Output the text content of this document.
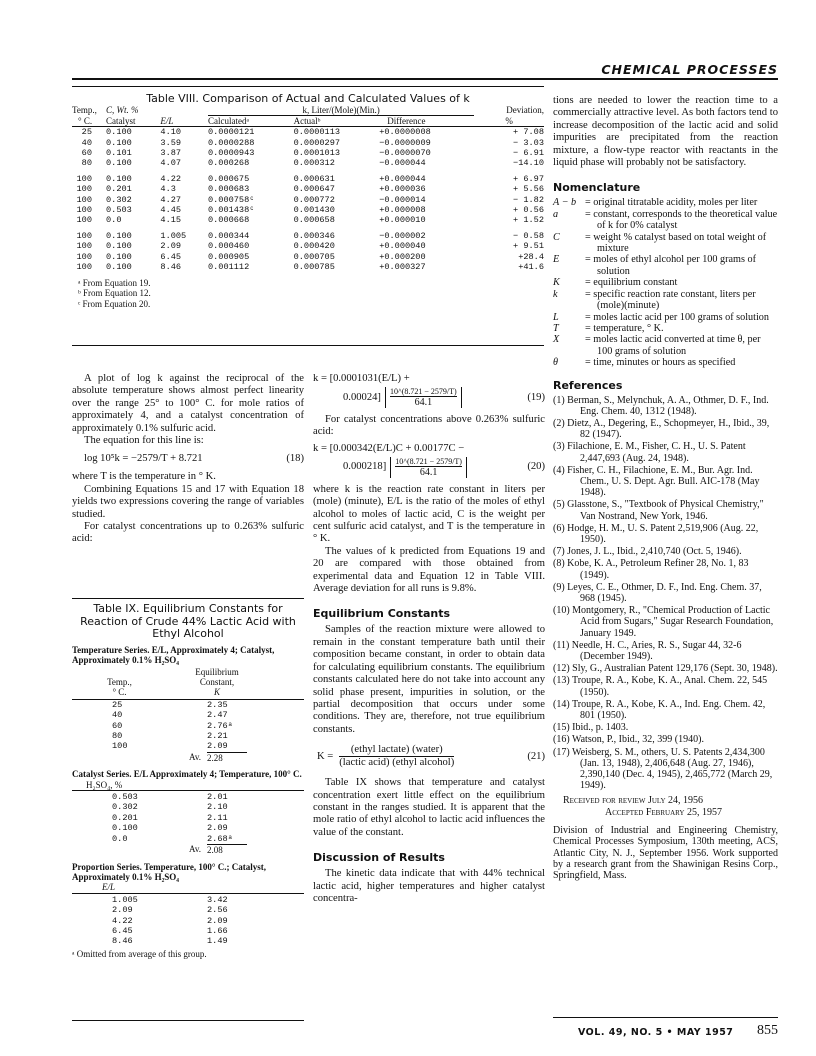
CHEMICAL PROCESSES
Table VIII. Comparison of Actual and Calculated Values of k
Temp.,	C, Wt. %		k, Liter/(Mole)(Min.)			Deviation,
° C.	Catalyst	E/L	Calculatedᵃ	Actualᵇ	Difference	%
25	0.100	4.10	0.0000121	0.0000113	+0.0000008	+ 7.08
40	0.100	3.59	0.0000288	0.0000297	−0.0000009	− 3.03
60	0.101	3.87	0.0000943	0.0001013	−0.0000070	− 6.91
80	0.100	4.07	0.000268	0.000312	−0.000044	−14.10
100	0.100	4.22	0.000675	0.000631	+0.000044	+ 6.97
100	0.201	4.3	0.000683	0.000647	+0.000036	+ 5.56
100	0.302	4.27	0.000758ᶜ	0.000772	−0.000014	− 1.82
100	0.503	4.45	0.001438ᶜ	0.001430	+0.000008	+ 0.56
100	0.0	4.15	0.000668	0.000658	+0.000010	+ 1.52
100	0.100	1.005	0.000344	0.000346	−0.000002	− 0.58
100	0.100	2.09	0.000460	0.000420	+0.000040	+ 9.51
100	0.100	6.45	0.000905	0.000705	+0.000200	+28.4
100	0.100	8.46	0.001112	0.000785	+0.000327	+41.6
ᵃ From Equation 19.
ᵇ From Equation 12.
ᶜ From Equation 20.

A plot of log k against the reciprocal of the absolute temperature shows almost perfect linearity over the range 25° to 100° C. for mole ratios of approximately 4, and a catalyst concentration of approximately 0.1% sulfuric acid.

The equation for this line is:

log 10⁵k = −2579/T + 8.721	(18)

where T is the temperature in ° K.

Combining Equations 15 and 17 with Equation 18 yields two expressions covering the range of variables studied.

For catalyst concentrations up to 0.263% sulfuric acid:

Table IX. Equilibrium Constants for Reaction of Crude 44% Lactic Acid with Ethyl Alcohol
Temperature Series. E/L, Approximately 4; Catalyst, Approximately 0.1% H₂SO₄
Temp.,
° C.
Equilibrium
Constant,
K
25	2.35
40	2.47
60	2.76ᵃ
80	2.21
100	2.09
Av. 2.28
Catalyst Series. E/L Approximately 4; Temperature, 100° C.
H₂SO₄, %
0.503	2.01
0.302	2.10
0.201	2.11
0.100	2.09
0.0	2.68ᵃ
Av. 2.08
Proportion Series. Temperature, 100° C.; Catalyst, Approximately 0.1% H₂SO₄
E/L
1.005	3.42
2.09	2.56
4.22	2.09
6.45	1.66
8.46	1.49
ᵃ Omitted from average of this group.
k = [0.0001031(E/L) +
0.00024] 10^(8.721 − 2579/T)
64.1	(19)

For catalyst concentrations above 0.263% sulfuric acid:

k = [0.000342(E/L)C + 0.00177C −
0.000218] 10^(8.721 − 2579/T)
64.1	(20)

where k is the reaction rate constant in liters per (mole) (minute), E/L is the ratio of the moles of ethyl alcohol to moles of lactic acid, C is the weight per cent sulfuric acid catalyst, and T is the temperature in ° K.

The values of k predicted from Equations 19 and 20 are compared with those obtained from experimental data and Equation 12 in Table VIII. Average deviation for all runs is 9.8%.

Equilibrium Constants

Samples of the reaction mixture were allowed to remain in the constant temperature bath until their composition became constant, in order to obtain data for calculating equilibrium constants. The equilibrium constants calculated here do not take into account any solid phase present, impurities in solution, or the partial decomposition that occurs under some conditions. They are, therefore, not true equilibrium constants.

K =
(ethyl lactate) (water)
(lactic acid) (ethyl alcohol)
(21)

Table IX shows that temperature and catalyst concentration exert little effect on the equilibrium constant in the ranges studied. It is apparent that the mole ratio of ethyl alcohol to lactic acid influences the value of the constant.

Discussion of Results

The kinetic data indicate that with 44% technical lactic acid, higher temperatures and higher catalyst concentra-

tions are needed to lower the reaction time to a commercially attractive level. As both factors tend to increase decomposition of the lactic acid and solid impurities are precipitated from the reaction mixture, a flow-type reactor with reactants in the liquid phase will probably not be satisfactory.

Nomenclature
A − b = original titratable acidity, moles per liter
a	= constant, corresponds to the theoretical value of k for 0% catalyst
C	= weight % catalyst based on total weight of mixture
E	= moles of ethyl alcohol per 100 grams of solution
K	= equilibrium constant
k	= specific reaction rate constant, liters per (mole)(minute)
L	= moles lactic acid per 100 grams of solution
T	= temperature, ° K.
X	= moles lactic acid converted at time θ, per 100 grams of solution
θ	= time, minutes or hours as specified
References
(1) Berman, S., Melynchuk, A. A., Othmer, D. F., Ind. Eng. Chem. 40, 1312 (1948).
(2) Dietz, A., Degering, E., Schopmeyer, H., Ibid., 39, 82 (1947).
(3) Filachione, E. M., Fisher, C. H., U. S. Patent 2,447,693 (Aug. 24, 1948).
(4) Fisher, C. H., Filachione, E. M., Bur. Agr. Ind. Chem., U. S. Dept. Agr. Bull. AIC-178 (May 1948).
(5) Glasstone, S., "Textbook of Physical Chemistry," Van Nostrand, New York, 1946.
(6) Hodge, H. M., U. S. Patent 2,519,906 (Aug. 22, 1950).
(7) Jones, J. L., Ibid., 2,410,740 (Oct. 5, 1946).
(8) Kobe, K. A., Petroleum Refiner 28, No. 1, 83 (1949).
(9) Leyes, C. E., Othmer, D. F., Ind. Eng. Chem. 37, 968 (1945).
(10) Montgomery, R., "Chemical Production of Lactic Acid from Sugars," Sugar Research Foundation, January 1949.
(11) Needle, H. C., Aries, R. S., Sugar 44, 32-6 (December 1949).
(12) Sly, G., Australian Patent 129,176 (Sept. 30, 1948).
(13) Troupe, R. A., Kobe, K. A., Anal. Chem. 22, 545 (1950).
(14) Troupe, R. A., Kobe, K. A., Ind. Eng. Chem. 42, 801 (1950).
(15) Ibid., p. 1403.
(16) Watson, P., Ibid., 32, 399 (1940).
(17) Weisberg, S. M., others, U. S. Patents 2,434,300 (Jan. 13, 1948), 2,406,648 (Aug. 27, 1946), 2,390,140 (Dec. 4, 1945), 2,465,772 (March 29, 1949).
Received for review July 24, 1956
Accepted February 25, 1957

Division of Industrial and Engineering Chemistry, Chemical Processes Symposium, 130th meeting, ACS, Atlantic City, N. J., September 1956. Work supported by a research grant from the Shawinigan Resins Corp., Springfield, Mass.

VOL. 49, NO. 5 • MAY 1957 855
